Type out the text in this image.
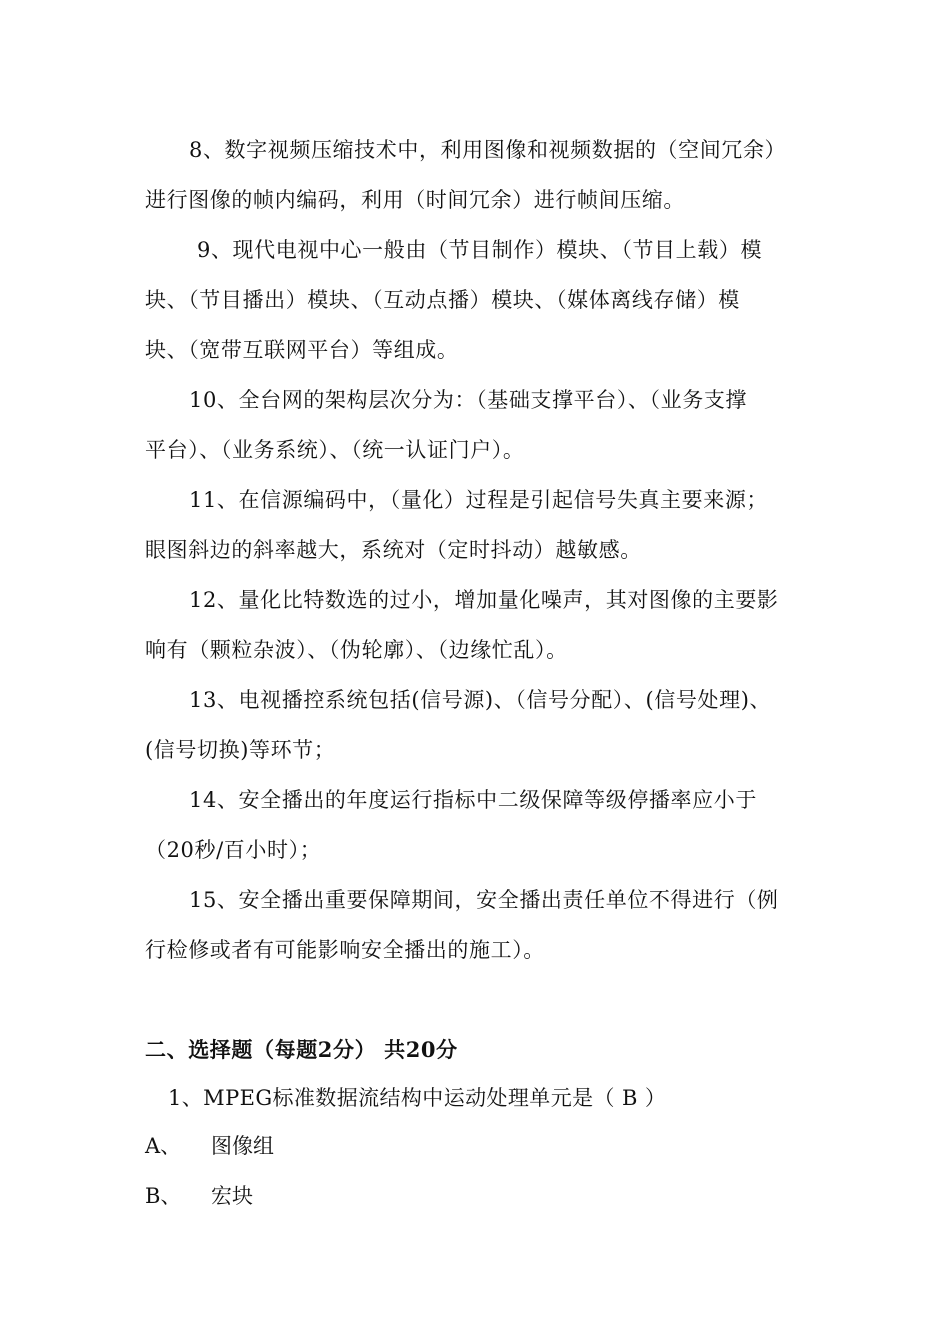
8、数字视频压缩技术中，利用图像和视频数据的（空间冗余）
进行图像的帧内编码，利用（时间冗余）进行帧间压缩。

9、现代电视中心一般由（节目制作）模块、（节目上载）模
块、（节目播出）模块、（互动点播）模块、（媒体离线存储）模
块、（宽带互联网平台）等组成。

10、全台网的架构层次分为：（基础支撑平台）、（业务支撑
平台）、（业务系统）、（统一认证门户）。

11、在信源编码中，（量化）过程是引起信号失真主要来源；
眼图斜边的斜率越大，系统对（定时抖动）越敏感。

12、量化比特数选的过小，增加量化噪声，其对图像的主要影
响有（颗粒杂波）、（伪轮廓）、（边缘忙乱）。

13、电视播控系统包括(信号源)、（信号分配）、(信号处理)、
(信号切换)等环节；

14、安全播出的年度运行指标中二级保障等级停播率应小于
（20秒/百小时）；

15、安全播出重要保障期间，安全播出责任单位不得进行（例
行检修或者有可能影响安全播出的施工）。

二、选择题（每题2分） 共20分

1、MPEG标准数据流结构中运动处理单元是（ B ）

A、 图像组

B、 宏块
